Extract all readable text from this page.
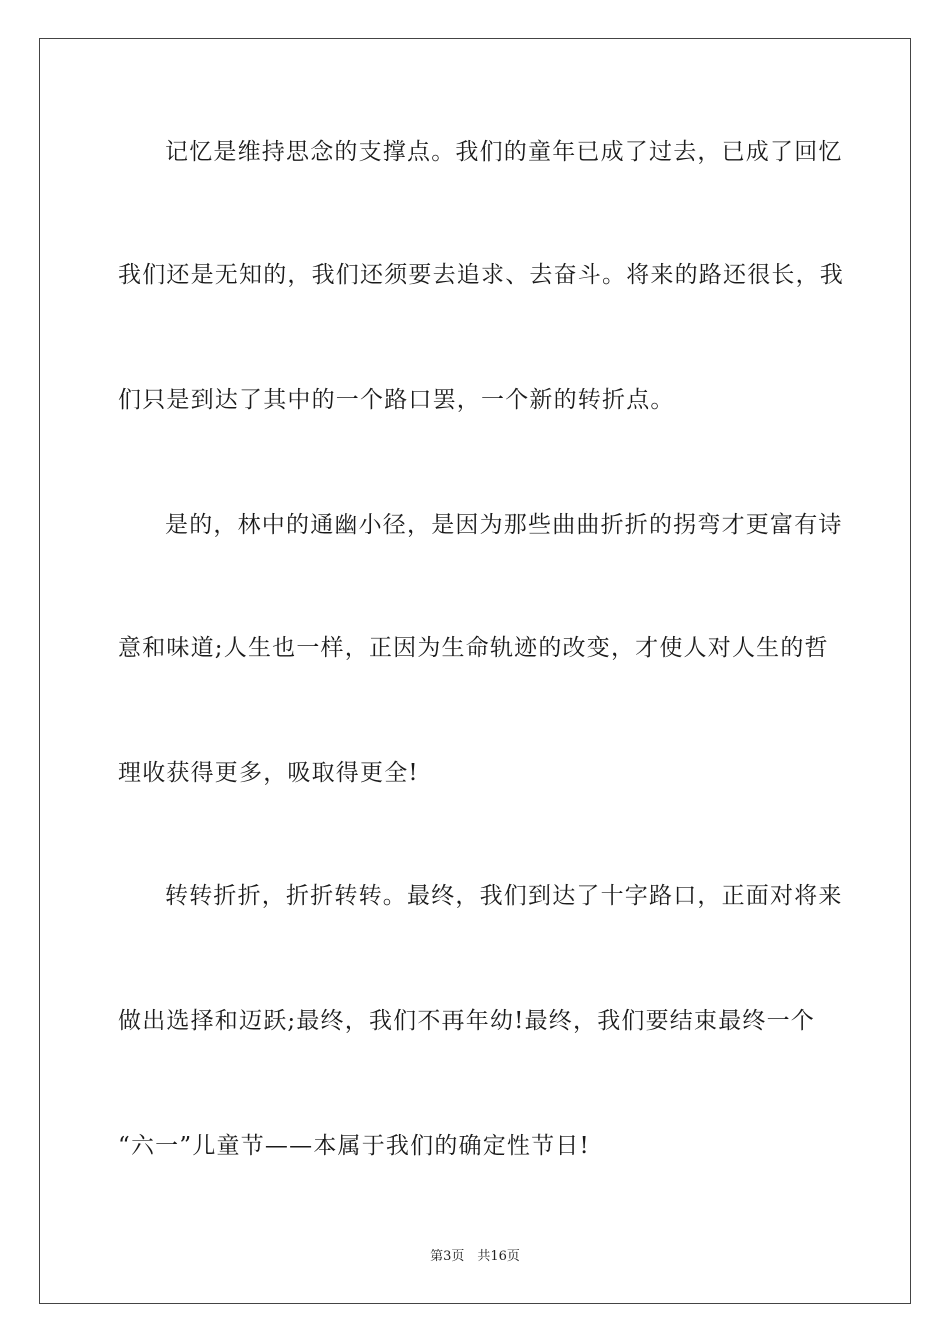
记忆是维持思念的支撑点。我们的童年已成了过去，已成了回忆
我们还是无知的，我们还须要去追求、去奋斗。将来的路还很长，我
们只是到达了其中的一个路口罢，一个新的转折点。
是的，林中的通幽小径，是因为那些曲曲折折的拐弯才更富有诗
意和味道;人生也一样，正因为生命轨迹的改变，才使人对人生的哲
理收获得更多，吸取得更全!
转转折折，折折转转。最终，我们到达了十字路口，正面对将来
做出选择和迈跃;最终，我们不再年幼!最终，我们要结束最终一个
“六一”儿童节——本属于我们的确定性节日!
第3页　共16页
